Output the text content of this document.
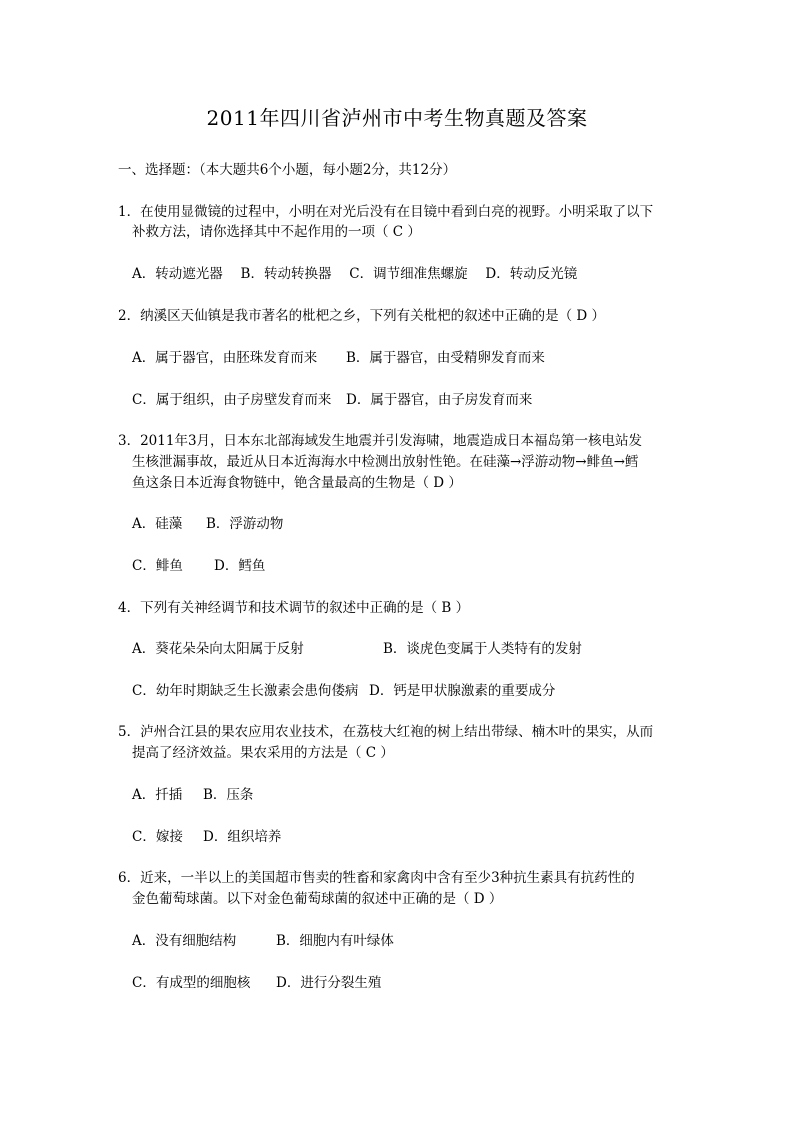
2011年四川省泸州市中考生物真题及答案
一、选择题：（本大题共6个小题，每小题2分，共12分）
1．在使用显微镜的过程中，小明在对光后没有在目镜中看到白亮的视野。小明采取了以下
补救方法，请你选择其中不起作用的一项（ C ）
A．转动遮光器　 B．转动转换器　 C．调节细准焦螺旋　 D．转动反光镜
2．纳溪区天仙镇是我市著名的枇杷之乡，下列有关枇杷的叙述中正确的是（ D ）
A．属于器官，由胚珠发育而来 B．属于器官，由受精卵发育而来
C．属于组织，由子房壁发育而来 D．属于器官，由子房发育而来
3．2011年3月，日本东北部海域发生地震并引发海啸，地震造成日本福岛第一核电站发
生核泄漏事故，最近从日本近海海水中检测出放射性铯。在硅藻→浮游动物→鲱鱼→鳕
鱼这条日本近海食物链中，铯含量最高的生物是（ D ）
A．硅藻 B．浮游动物
C．鲱鱼 D．鳕鱼
4．下列有关神经调节和技术调节的叙述中正确的是（ B ）
A．葵花朵朵向太阳属于反射	B．谈虎色变属于人类特有的发射
C．幼年时期缺乏生长激素会患佝偻病 D．钙是甲状腺激素的重要成分
5．泸州合江县的果农应用农业技术，在荔枝大红袍的树上结出带绿、楠木叶的果实，从而
提高了经济效益。果农采用的方法是（ C ）
A．扦插 B．压条
C．嫁接 D．组织培养
6．近来，一半以上的美国超市售卖的牲畜和家禽肉中含有至少3种抗生素具有抗药性的
金色葡萄球菌。以下对金色葡萄球菌的叙述中正确的是（ D ）
A．没有细胞结构	B．细胞内有叶绿体
C．有成型的细胞核 D．进行分裂生殖
